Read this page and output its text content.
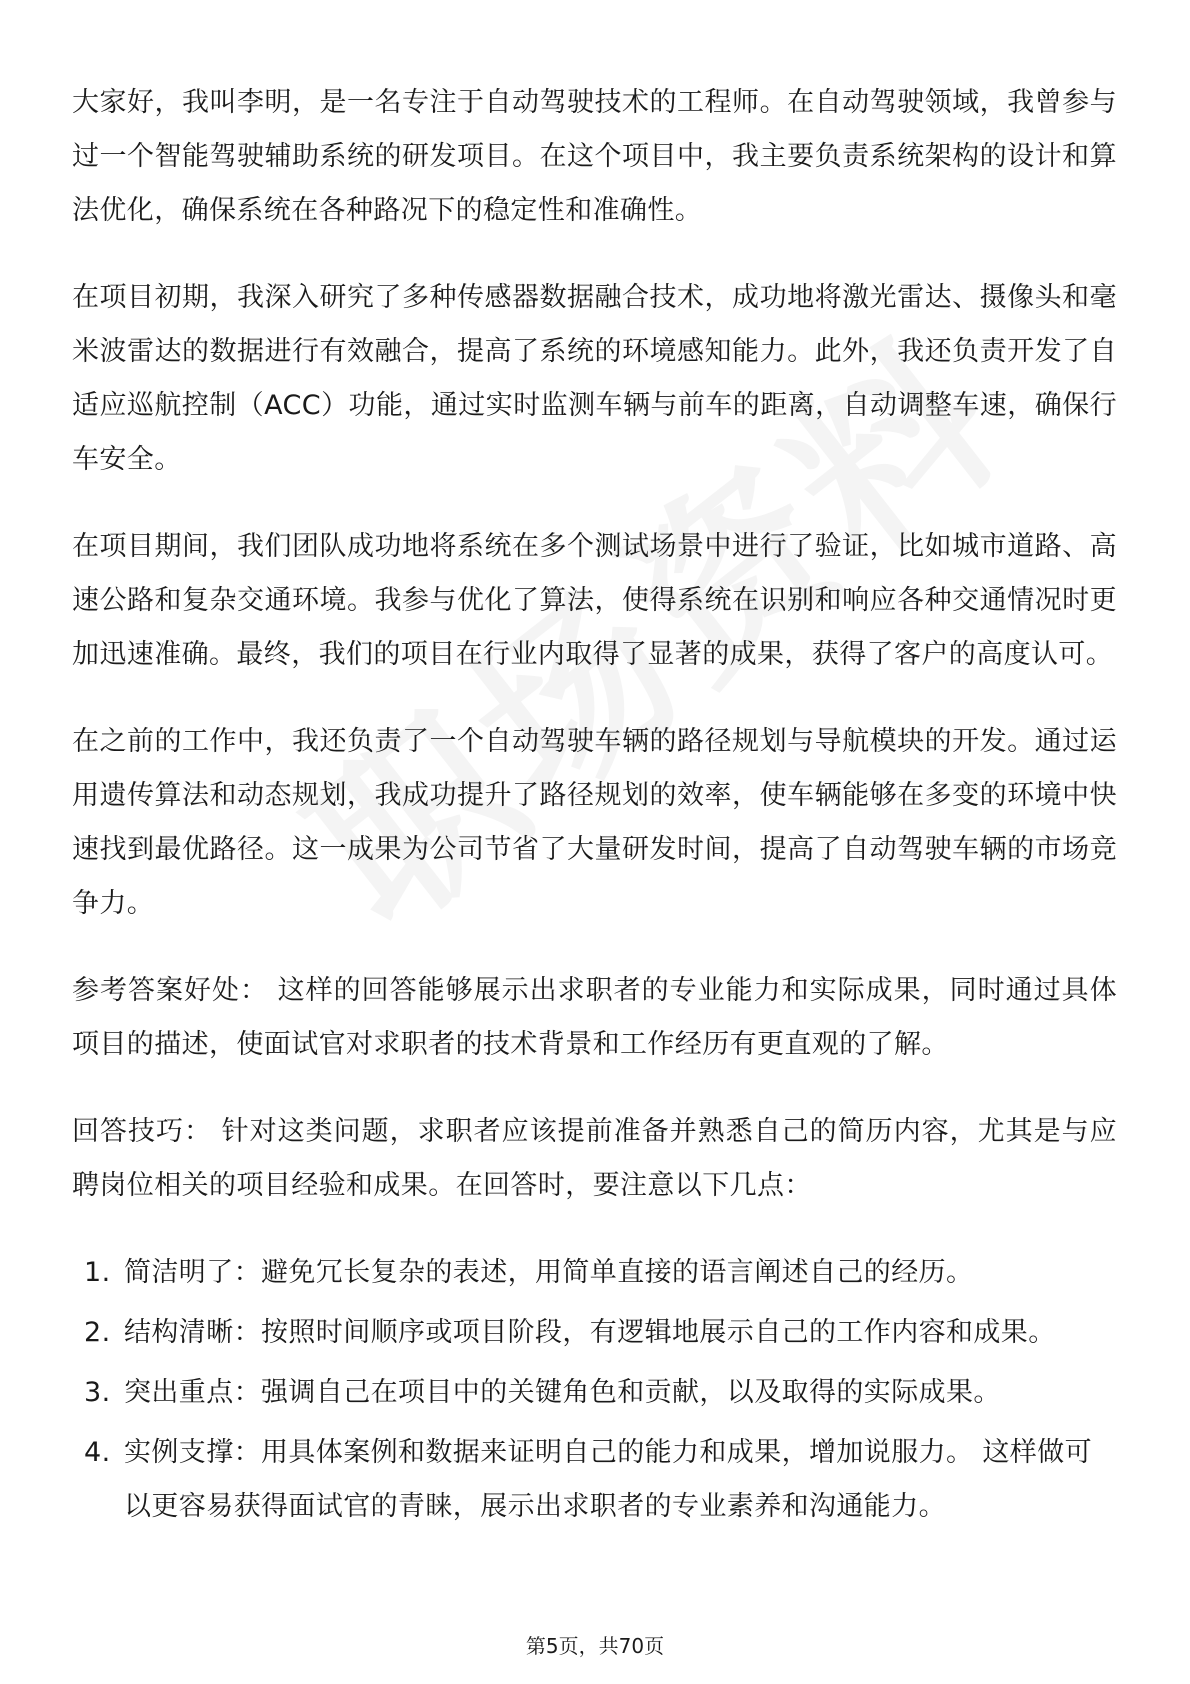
大家好，我叫李明，是一名专注于自动驾驶技术的工程师。在自动驾驶领域，我曾参与过一个智能驾驶辅助系统的研发项目。在这个项目中，我主要负责系统架构的设计和算法优化，确保系统在各种路况下的稳定性和准确性。

在项目初期，我深入研究了多种传感器数据融合技术，成功地将激光雷达、摄像头和毫米波雷达的数据进行有效融合，提高了系统的环境感知能力。此外，我还负责开发了自适应巡航控制（ACC）功能，通过实时监测车辆与前车的距离，自动调整车速，确保行车安全。

在项目期间，我们团队成功地将系统在多个测试场景中进行了验证，比如城市道路、高速公路和复杂交通环境。我参与优化了算法，使得系统在识别和响应各种交通情况时更加迅速准确。最终，我们的项目在行业内取得了显著的成果，获得了客户的高度认可。

在之前的工作中，我还负责了一个自动驾驶车辆的路径规划与导航模块的开发。通过运用遗传算法和动态规划，我成功提升了路径规划的效率，使车辆能够在多变的环境中快速找到最优路径。这一成果为公司节省了大量研发时间，提高了自动驾驶车辆的市场竞争力。

参考答案好处： 这样的回答能够展示出求职者的专业能力和实际成果，同时通过具体项目的描述，使面试官对求职者的技术背景和工作经历有更直观的了解。

回答技巧： 针对这类问题，求职者应该提前准备并熟悉自己的简历内容，尤其是与应聘岗位相关的项目经验和成果。在回答时，要注意以下几点：

1. 简洁明了：避免冗长复杂的表述，用简单直接的语言阐述自己的经历。
2. 结构清晰：按照时间顺序或项目阶段，有逻辑地展示自己的工作内容和成果。
3. 突出重点：强调自己在项目中的关键角色和贡献，以及取得的实际成果。
4. 实例支撑：用具体案例和数据来证明自己的能力和成果，增加说服力。 这样做可以更容易获得面试官的青睐，展示出求职者的专业素养和沟通能力。
第5页，共70页
